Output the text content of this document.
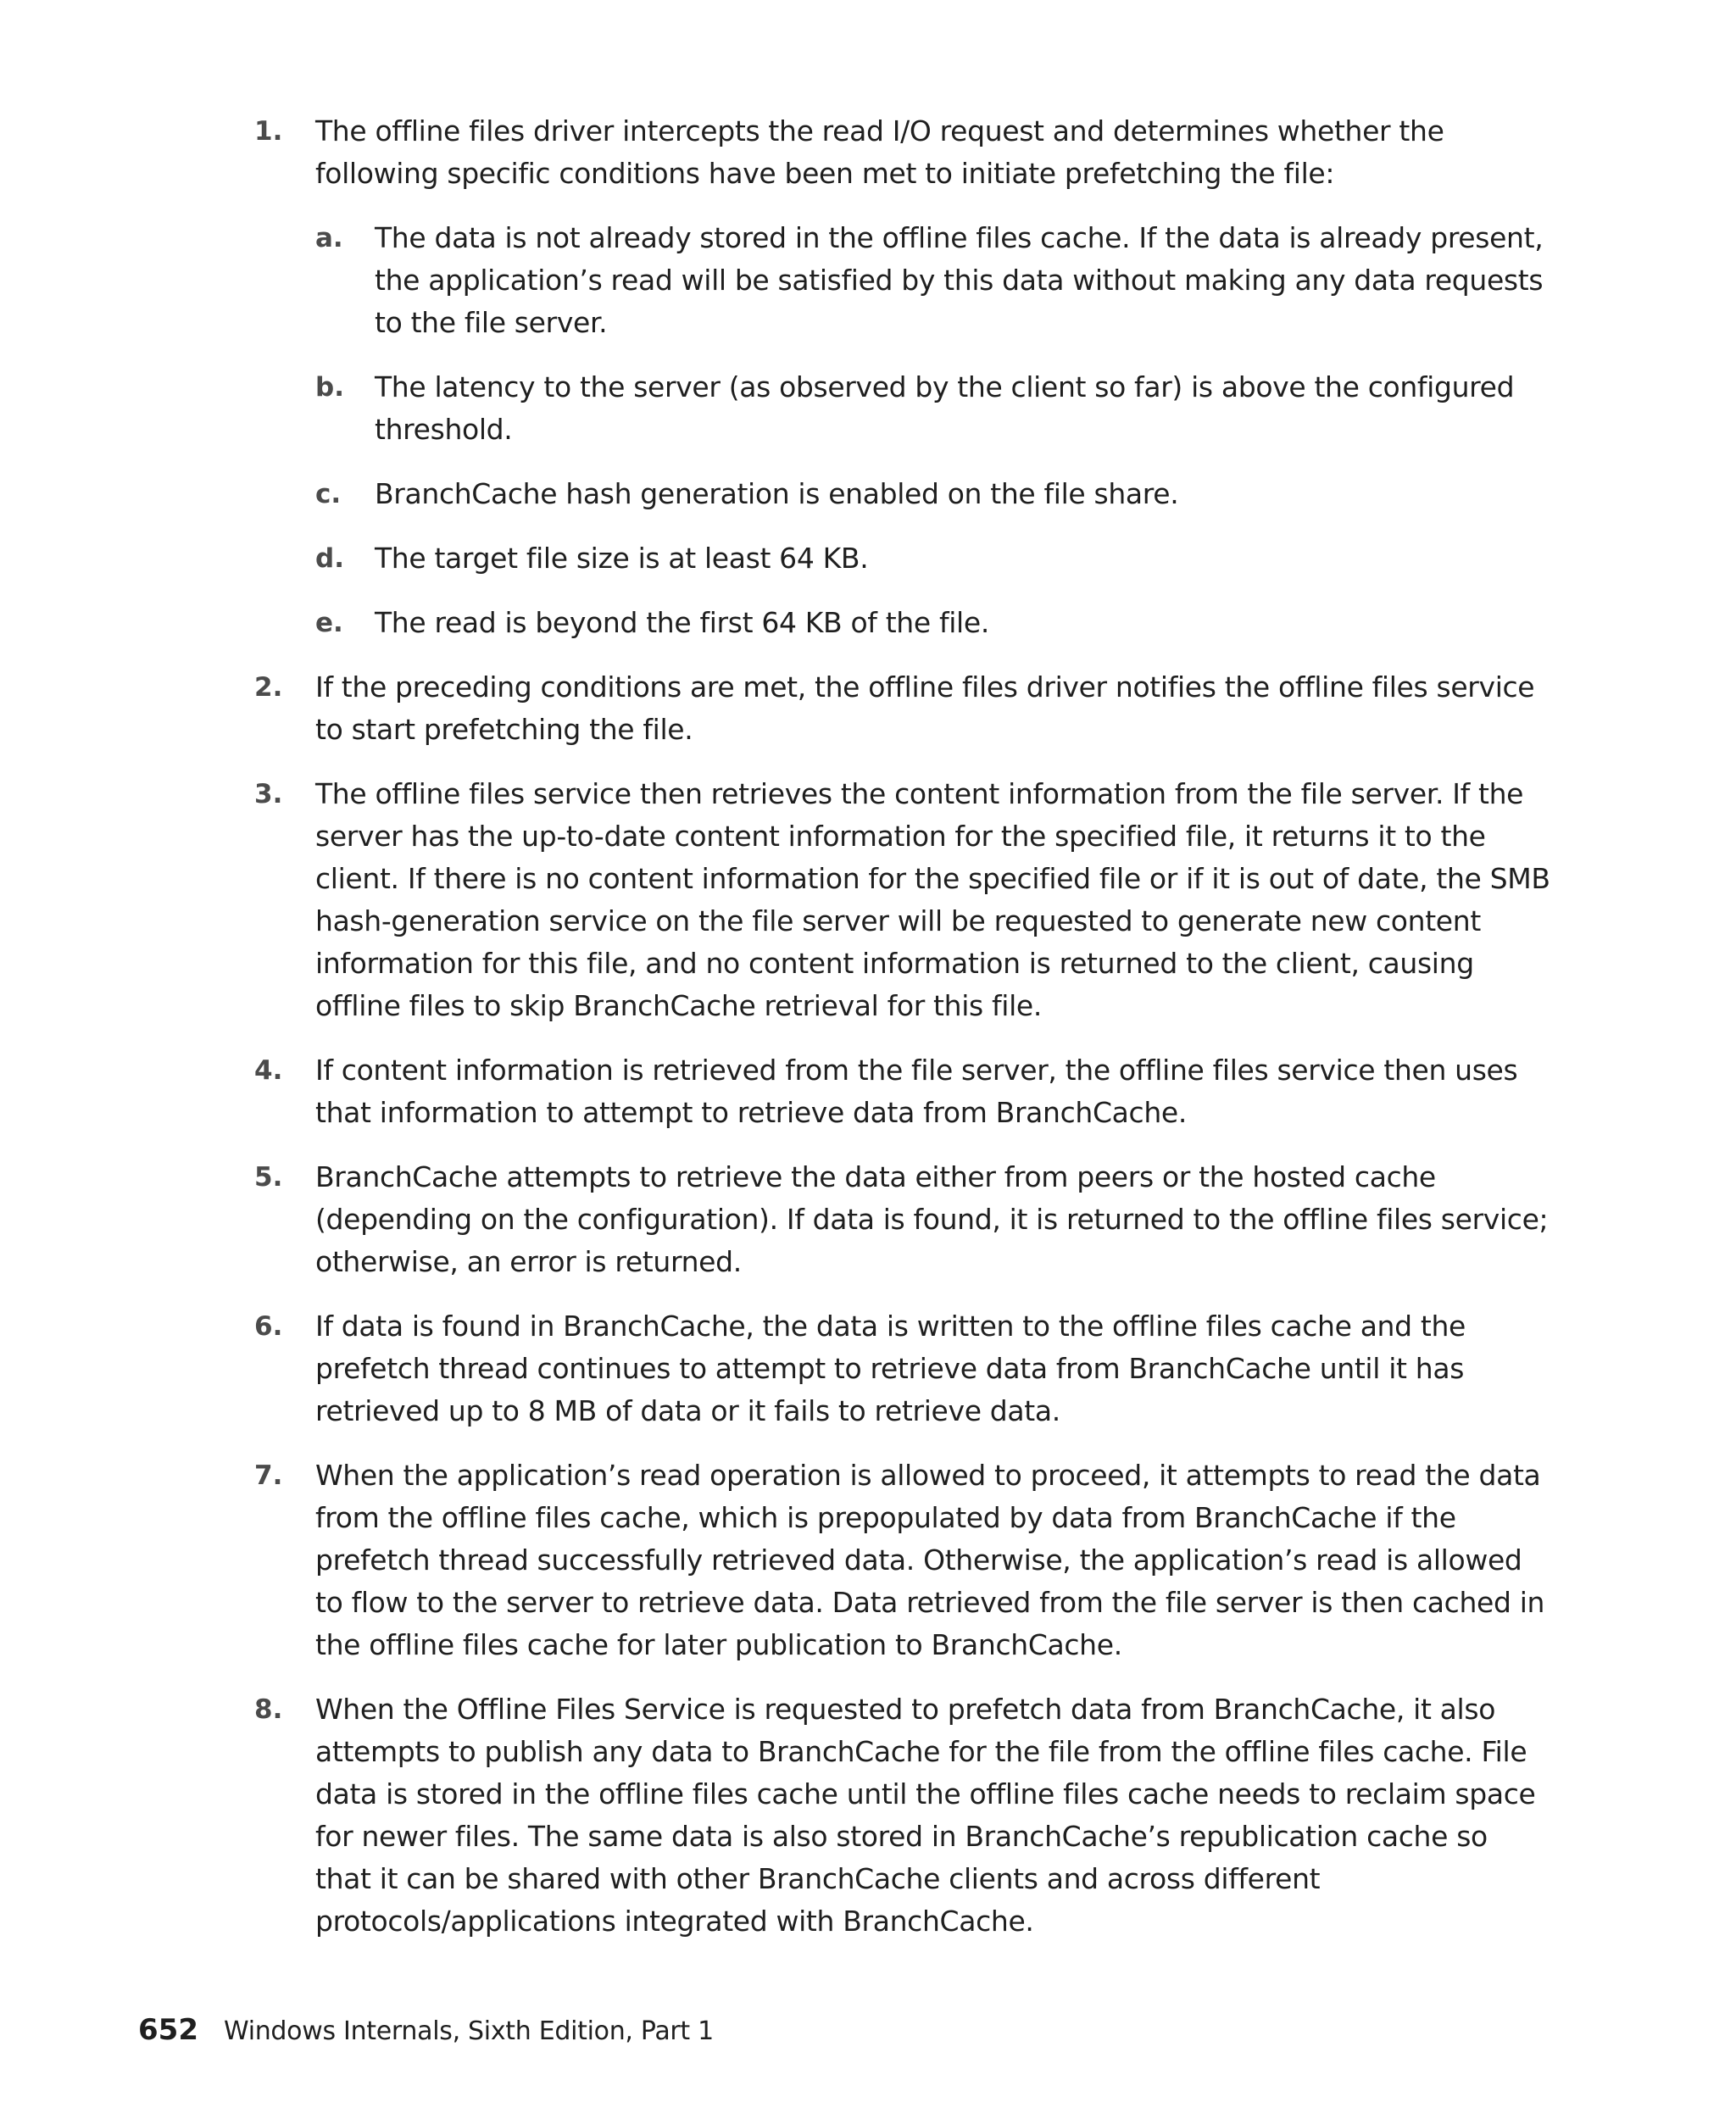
1. The offline files driver intercepts the read I/O request and determines whether the following specific conditions have been met to initiate prefetching the file:
a. The data is not already stored in the offline files cache. If the data is already present, the application’s read will be satisfied by this data without making any data requests to the file server.
b. The latency to the server (as observed by the client so far) is above the configured threshold.
c. BranchCache hash generation is enabled on the file share.
d. The target file size is at least 64 KB.
e. The read is beyond the first 64 KB of the file.
2. If the preceding conditions are met, the offline files driver notifies the offline files service to start prefetching the file.
3. The offline files service then retrieves the content information from the file server. If the server has the up-to-date content information for the specified file, it returns it to the client. If there is no content information for the specified file or if it is out of date, the SMB hash-generation service on the file server will be requested to generate new content information for this file, and no content information is returned to the client, causing offline files to skip BranchCache retrieval for this file.
4. If content information is retrieved from the file server, the offline files service then uses that information to attempt to retrieve data from BranchCache.
5. BranchCache attempts to retrieve the data either from peers or the hosted cache (depending on the configuration). If data is found, it is returned to the offline files service; otherwise, an error is returned.
6. If data is found in BranchCache, the data is written to the offline files cache and the prefetch thread continues to attempt to retrieve data from BranchCache until it has retrieved up to 8 MB of data or it fails to retrieve data.
7. When the application’s read operation is allowed to proceed, it attempts to read the data from the offline files cache, which is prepopulated by data from BranchCache if the prefetch thread successfully retrieved data. Otherwise, the application’s read is allowed to flow to the server to retrieve data. Data retrieved from the file server is then cached in the offline files cache for later publication to BranchCache.
8. When the Offline Files Service is requested to prefetch data from BranchCache, it also attempts to publish any data to BranchCache for the file from the offline files cache. File data is stored in the offline files cache until the offline files cache needs to reclaim space for newer files. The same data is also stored in BranchCache’s republication cache so that it can be shared with other BranchCache clients and across different protocols/applications integrated with BranchCache.
652 Windows Internals, Sixth Edition, Part 1
